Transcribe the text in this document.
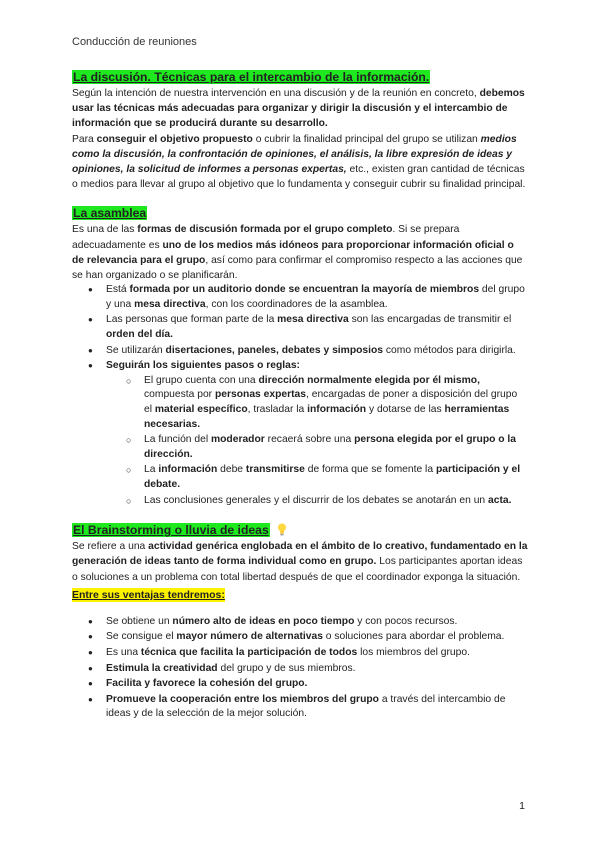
Conducción de reuniones
La discusión. Técnicas para el intercambio de la información.

Según la intención de nuestra intervención en una discusión y de la reunión en concreto, debemos usar las técnicas más adecuadas para organizar y dirigir la discusión y el intercambio de información que se producirá durante su desarrollo.

Para conseguir el objetivo propuesto o cubrir la finalidad principal del grupo se utilizan medios como la discusión, la confrontación de opiniones, el análisis, la libre expresión de ideas y opiniones, la solicitud de informes a personas expertas, etc., existen gran cantidad de técnicas o medios para llevar al grupo al objetivo que lo fundamenta y conseguir cubrir su finalidad principal.

La asamblea

Es una de las formas de discusión formada por el grupo completo. Si se prepara adecuadamente es uno de los medios más idóneos para proporcionar información oficial o de relevancia para el grupo, así como para confirmar el compromiso respecto a las acciones que se han organizado o se planificarán.

● Está formada por un auditorio donde se encuentran la mayoría de miembros del grupo y una mesa directiva, con los coordinadores de la asamblea.
● Las personas que forman parte de la mesa directiva son las encargadas de transmitir el orden del día.
● Se utilizarán disertaciones, paneles, debates y simposios como métodos para dirigirla.
● Seguirán los siguientes pasos o reglas:
○ El grupo cuenta con una dirección normalmente elegida por él mismo, compuesta por personas expertas, encargadas de poner a disposición del grupo el material específico, trasladar la información y dotarse de las herramientas necesarias.
○ La función del moderador recaerá sobre una persona elegida por el grupo o la dirección.
○ La información debe transmitirse de forma que se fomente la participación y el debate.
○ Las conclusiones generales y el discurrir de los debates se anotarán en un acta.
El Brainstorming o lluvia de ideas

Se refiere a una actividad genérica englobada en el ámbito de lo creativo, fundamentado en la generación de ideas tanto de forma individual como en grupo. Los participantes aportan ideas o soluciones a un problema con total libertad después de que el coordinador exponga la situación.

Entre sus ventajas tendremos:
● Se obtiene un número alto de ideas en poco tiempo y con pocos recursos.
● Se consigue el mayor número de alternativas o soluciones para abordar el problema.
● Es una técnica que facilita la participación de todos los miembros del grupo.
● Estimula la creatividad del grupo y de sus miembros.
● Facilita y favorece la cohesión del grupo.
● Promueve la cooperación entre los miembros del grupo a través del intercambio de ideas y de la selección de la mejor solución.
1
